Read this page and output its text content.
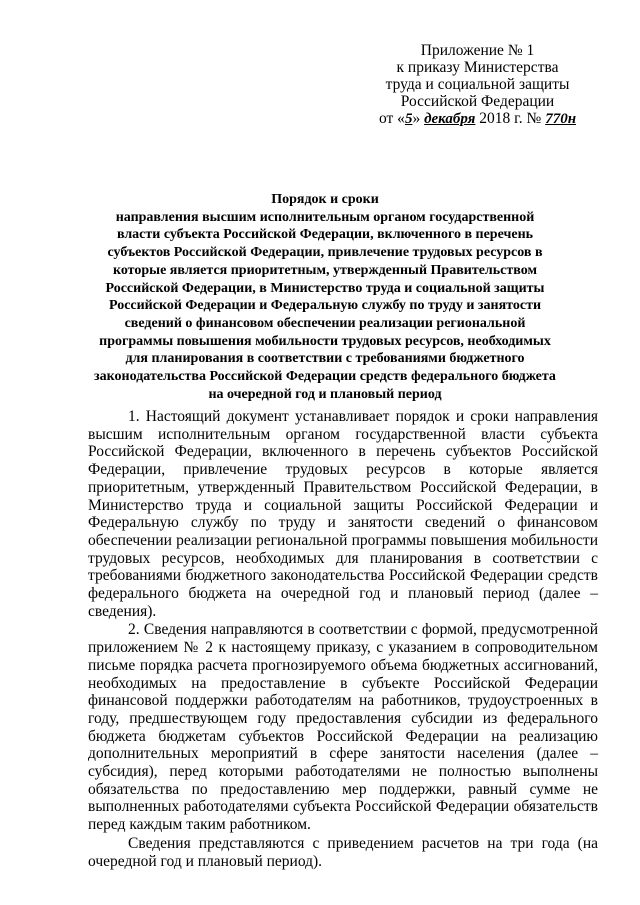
Приложение № 1
к приказу Министерства
труда и социальной защиты
Российской Федерации
от «5» декабря 2018 г. № 770н
Порядок и сроки
направления высшим исполнительным органом государственной
власти субъекта Российской Федерации, включенного в перечень
субъектов Российской Федерации, привлечение трудовых ресурсов в
которые является приоритетным, утвержденный Правительством
Российской Федерации, в Министерство труда и социальной защиты
Российской Федерации и Федеральную службу по труду и занятости
сведений о финансовом обеспечении реализации региональной
программы повышения мобильности трудовых ресурсов, необходимых
для планирования в соответствии с требованиями бюджетного
законодательства Российской Федерации средств федерального бюджета
на очередной год и плановый период

1. Настоящий документ устанавливает порядок и сроки направления высшим исполнительным органом государственной власти субъекта Российской Федерации, включенного в перечень субъектов Российской Федерации, привлечение трудовых ресурсов в которые является приоритетным, утвержденный Правительством Российской Федерации, в Министерство труда и социальной защиты Российской Федерации и Федеральную службу по труду и занятости сведений о финансовом обеспечении реализации региональной программы повышения мобильности трудовых ресурсов, необходимых для планирования в соответствии с требованиями бюджетного законодательства Российской Федерации средств федерального бюджета на очередной год и плановый период (далее – сведения).

2. Сведения направляются в соответствии с формой, предусмотренной приложением № 2 к настоящему приказу, с указанием в сопроводительном письме порядка расчета прогнозируемого объема бюджетных ассигнований, необходимых на предоставление в субъекте Российской Федерации финансовой поддержки работодателям на работников, трудоустроенных в году, предшествующем году предоставления субсидии из федерального бюджета бюджетам субъектов Российской Федерации на реализацию дополнительных мероприятий в сфере занятости населения (далее – субсидия), перед которыми работодателями не полностью выполнены обязательства по предоставлению мер поддержки, равный сумме не выполненных работодателями субъекта Российской Федерации обязательств перед каждым таким работником.

Сведения представляются с приведением расчетов на три года (на очередной год и плановый период).
